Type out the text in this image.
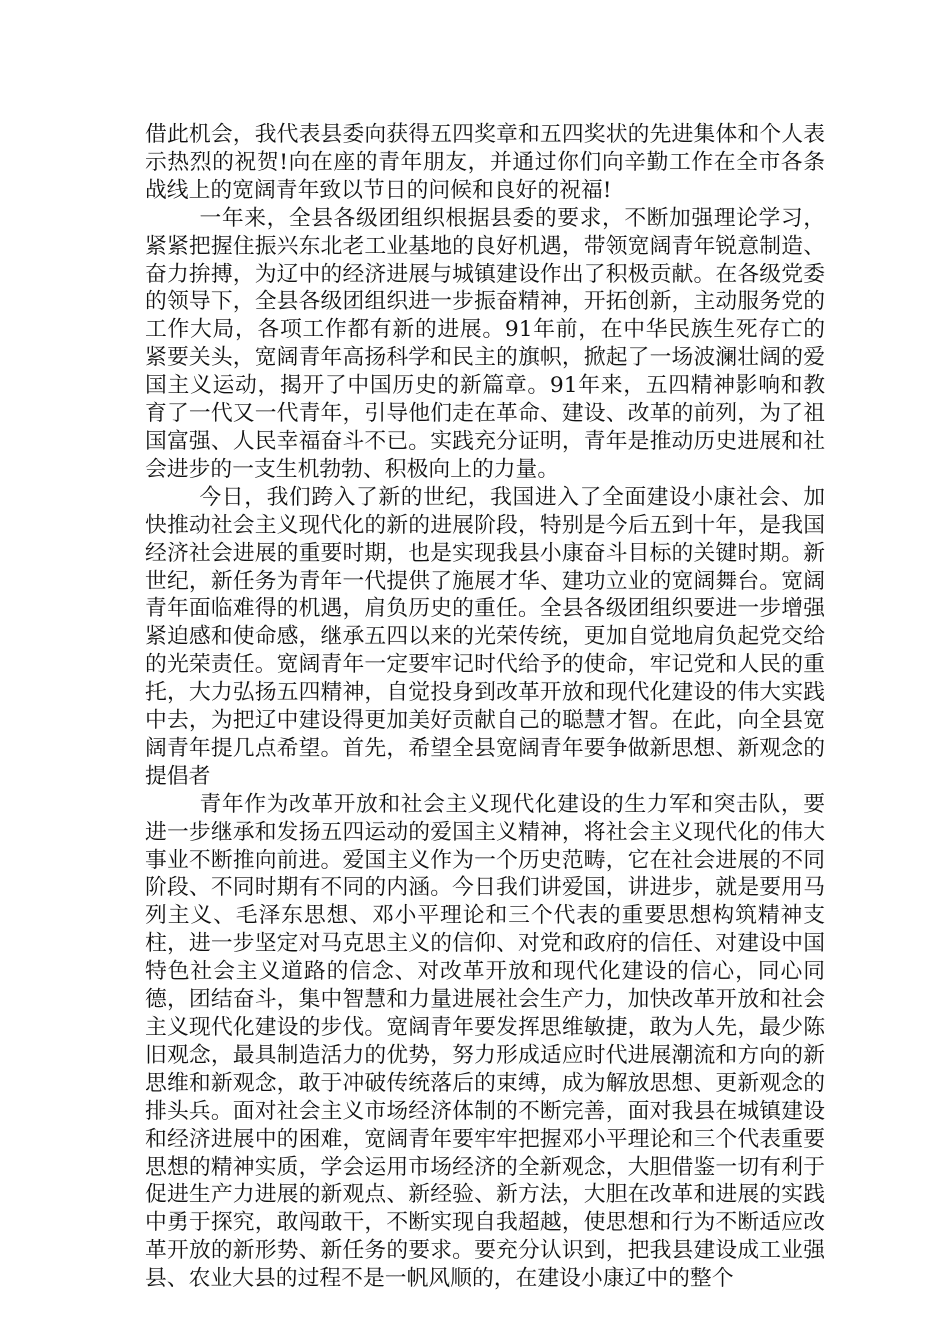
借此机会，我代表县委向获得五四奖章和五四奖状的先进集体和个人表示热烈的祝贺!向在座的青年朋友，并通过你们向辛勤工作在全市各条战线上的宽阔青年致以节日的问候和良好的祝福!

一年来，全县各级团组织根据县委的要求，不断加强理论学习，紧紧把握住振兴东北老工业基地的良好机遇，带领宽阔青年锐意制造、奋力拚搏，为辽中的经济进展与城镇建设作出了积极贡献。在各级党委的领导下，全县各级团组织进一步振奋精神，开拓创新，主动服务党的工作大局，各项工作都有新的进展。91年前，在中华民族生死存亡的紧要关头，宽阔青年高扬科学和民主的旗帜，掀起了一场波澜壮阔的爱国主义运动，揭开了中国历史的新篇章。91年来，五四精神影响和教育了一代又一代青年，引导他们走在革命、建设、改革的前列，为了祖国富强、人民幸福奋斗不已。实践充分证明，青年是推动历史进展和社会进步的一支生机勃勃、积极向上的力量。

今日，我们跨入了新的世纪，我国进入了全面建设小康社会、加快推动社会主义现代化的新的进展阶段，特别是今后五到十年，是我国经济社会进展的重要时期，也是实现我县小康奋斗目标的关键时期。新世纪，新任务为青年一代提供了施展才华、建功立业的宽阔舞台。宽阔青年面临难得的机遇，肩负历史的重任。全县各级团组织要进一步增强紧迫感和使命感，继承五四以来的光荣传统，更加自觉地肩负起党交给的光荣责任。宽阔青年一定要牢记时代给予的使命，牢记党和人民的重托，大力弘扬五四精神，自觉投身到改革开放和现代化建设的伟大实践中去，为把辽中建设得更加美好贡献自己的聪慧才智。在此，向全县宽阔青年提几点希望。首先，希望全县宽阔青年要争做新思想、新观念的提倡者

青年作为改革开放和社会主义现代化建设的生力军和突击队，要进一步继承和发扬五四运动的爱国主义精神，将社会主义现代化的伟大事业不断推向前进。爱国主义作为一个历史范畴，它在社会进展的不同阶段、不同时期有不同的内涵。今日我们讲爱国，讲进步，就是要用马列主义、毛泽东思想、邓小平理论和三个代表的重要思想构筑精神支柱，进一步坚定对马克思主义的信仰、对党和政府的信任、对建设中国特色社会主义道路的信念、对改革开放和现代化建设的信心，同心同德，团结奋斗，集中智慧和力量进展社会生产力，加快改革开放和社会主义现代化建设的步伐。宽阔青年要发挥思维敏捷，敢为人先，最少陈旧观念，最具制造活力的优势，努力形成适应时代进展潮流和方向的新思维和新观念，敢于冲破传统落后的束缚，成为解放思想、更新观念的排头兵。面对社会主义市场经济体制的不断完善，面对我县在城镇建设和经济进展中的困难，宽阔青年要牢牢把握邓小平理论和三个代表重要思想的精神实质，学会运用市场经济的全新观念，大胆借鉴一切有利于促进生产力进展的新观点、新经验、新方法，大胆在改革和进展的实践中勇于探究，敢闯敢干，不断实现自我超越，使思想和行为不断适应改革开放的新形势、新任务的要求。要充分认识到，把我县建设成工业强县、农业大县的过程不是一帆风顺的，在建设小康辽中的整个
